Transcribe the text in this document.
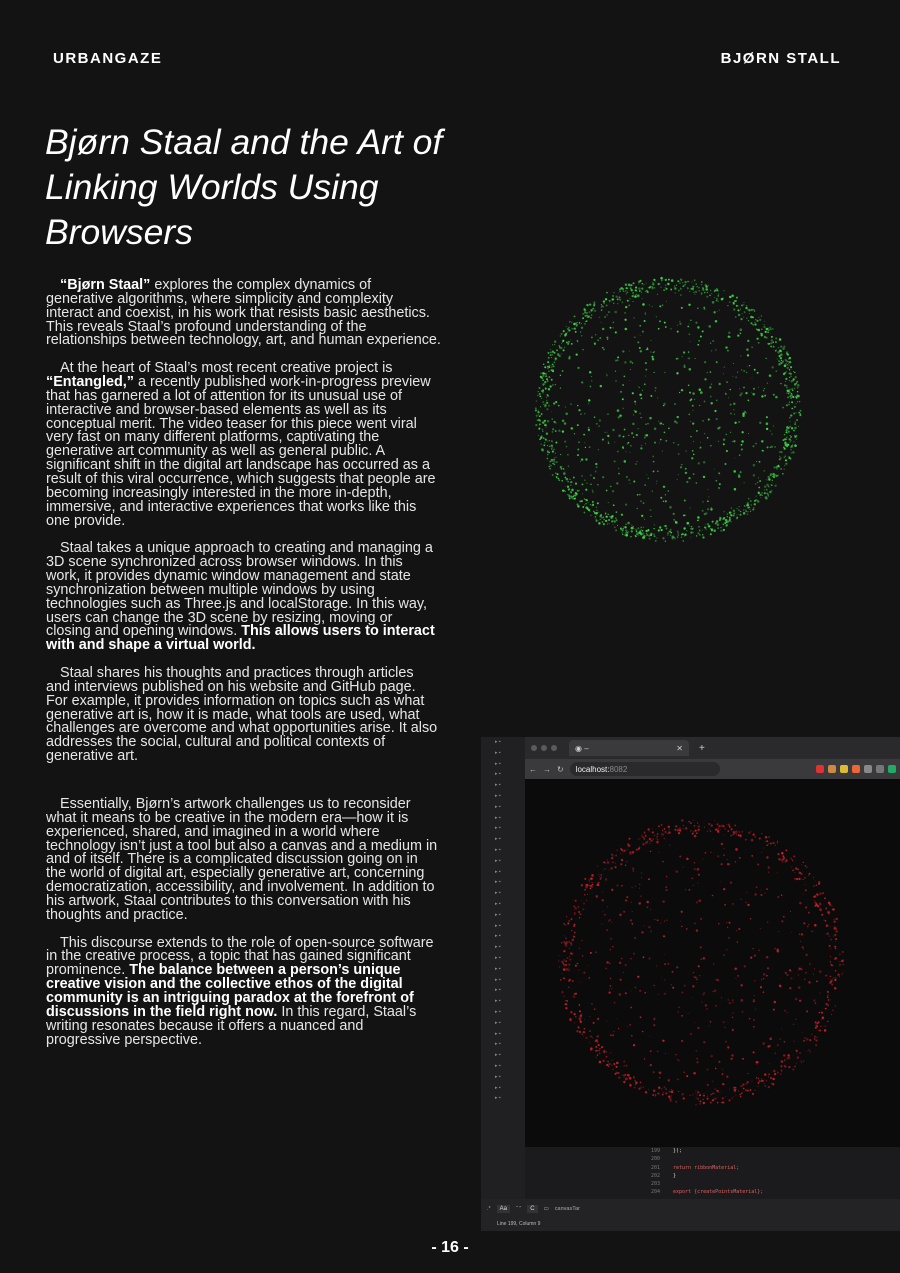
URBANGAZE	BJØRN STALL
Bjørn Staal and the Art of Linking Worlds Using Browsers

“Bjørn Staal” explores the complex dynamics of generative algorithms, where simplicity and complexity interact and coexist, in his work that resists basic aesthetics. This reveals Staal’s profound understanding of the relationships between technology, art, and human experience.

At the heart of Staal’s most recent creative project is “Entangled,” a recently published work-in-progress preview that has garnered a lot of attention for its unusual use of interactive and browser-based elements as well as its conceptual merit. The video teaser for this piece went viral very fast on many different platforms, captivating the generative art community as well as general public. A significant shift in the digital art landscape has occurred as a result of this viral occurrence, which suggests that people are becoming increasingly interested in the more in-depth, immersive, and interactive experiences that works like this one provide.

Staal takes a unique approach to creating and managing a 3D scene synchronized across browser windows. In this work, it provides dynamic window management and state synchronization between multiple windows by using technologies such as Three.js and localStorage. In this way, users can change the 3D scene by resizing, moving or closing and opening windows. This allows users to interact with and shape a virtual world.

Staal shares his thoughts and practices through articles and interviews published on his website and GitHub page. For example, it provides information on topics such as what generative art is, how it is made, what tools are used, what challenges are overcome and what opportunities arise. It also addresses the social, cultural and political contexts of generative art.

Essentially, Bjørn’s artwork challenges us to reconsider what it means to be creative in the modern era—how it is experienced, shared, and imagined in a world where technology isn’t just a tool but also a canvas and a medium in and of itself. There is a complicated discussion going on in the world of digital art, especially generative art, concerning democratization, accessibility, and involvement. In addition to his artwork, Staal contributes to this conversation with his thoughts and practice.

This discourse extends to the role of open-source software in the creative process, a topic that has gained significant prominence. The balance between a person’s unique creative vision and the collective ethos of the digital community is an intriguing paradox at the forefront of discussions in the field right now. In this regard, Staal’s writing resonates because it offers a nuanced and progressive perspective.

▸ ▪
▸ ▪
▸ ▪
▸ ▪
▸ ▪
▸ ▪
▸ ▪
▸ ▪
▸ ▪
▸ ▪
▸ ▪
▸ ▪
▸ ▪
▸ ▪
▸ ▪
▸ ▪
▸ ▪
▸ ▪
▸ ▪
▸ ▪
▸ ▪
▸ ▪
▸ ▪
▸ ▪
▸ ▪
▸ ▪
▸ ▪
▸ ▪
▸ ▪
▸ ▪
▸ ▪
▸ ▪
▸ ▪
▸ ▪
◉ –	✕ +
← → ↻ localhost: 8082
199	});
200
201	return ribbonMaterial;
202	}
203
204	export {createPointsMaterial};
.*	Aa	“ ”	C	▭ canvasTar
Line 199, Column 9
- 16 -
